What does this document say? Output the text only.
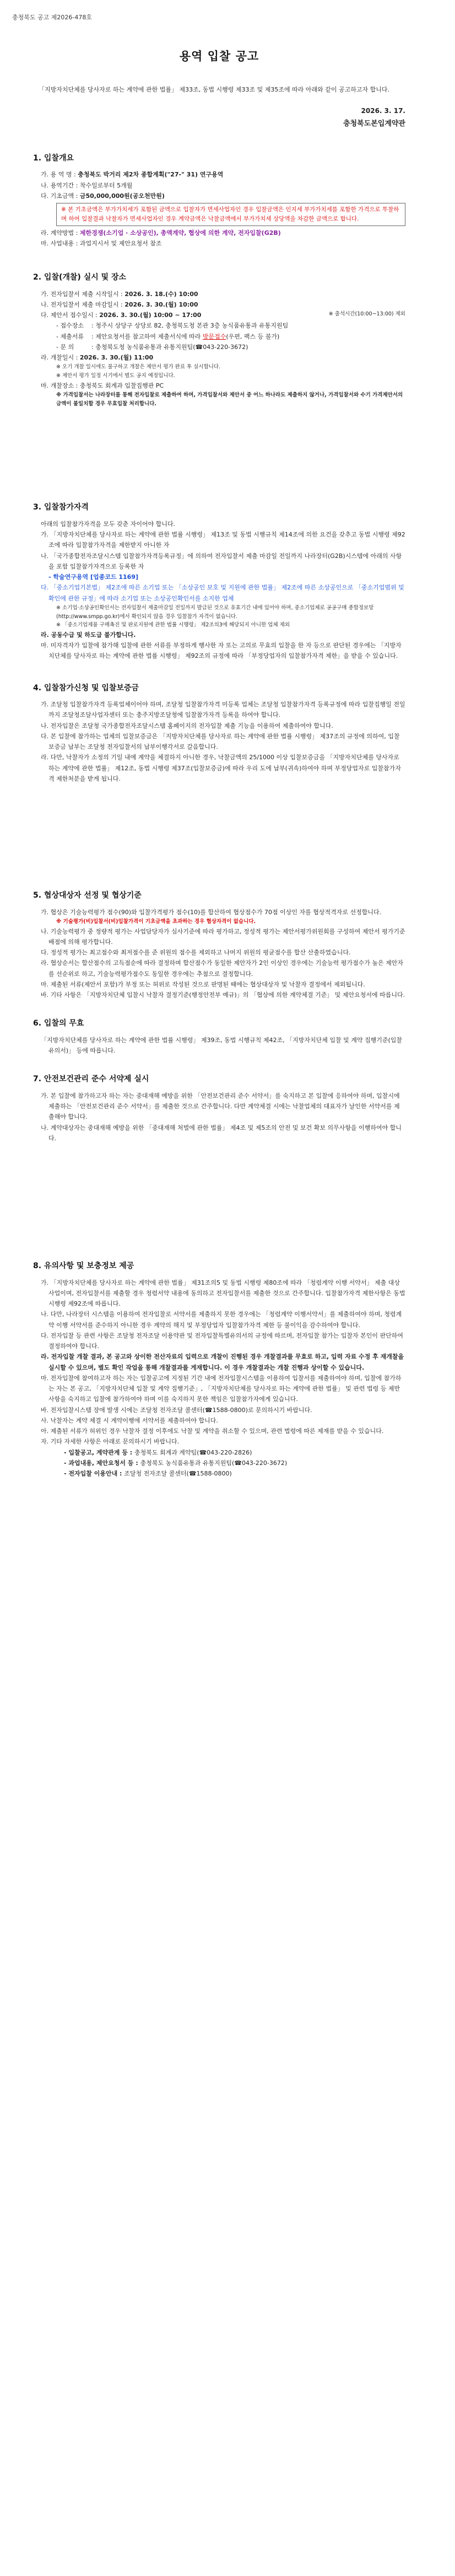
충청북도 공고 제2026-478호
용역 입찰 공고

「지방자치단체를 당사자로 하는 계약에 관한 법률」 제33조, 동법 시행령 제33조 및 제35조에 따라 아래와 같이 공고하고자 합니다.

2026. 3. 17.
충청북도본입계약관
1. 입찰개요
가. 용 역 명 : 충청북도 박거리 제2차 종합계획("27-" 31) 연구용역
나. 용역기간 : 착수일로부터 5개월
다. 기초금액 : 금50,000,000원(공오천만원)
※ 본 기초금액은 부가가치세가 포함된 금액으로 입찰자가 면세사업자인 경우 입찰금액은 인지세 부가가치세를 포함한 가격으로 투찰하며 하여 입찰결과 낙찰자가 면세사업자인 경우 계약금액은 낙찰금액에서 부가가치세 상당액을 차감한 금액으로 합니다.
라. 계약방법 : 제한경쟁(소기업 · 소상공인), 총액계약, 협상에 의한 계약, 전자입찰(G2B)
마. 사업내용 : 과업지시서 및 제안요청서 참조
2. 입찰(개찰) 실시 및 장소
가. 전자입찰서 제출 시작일시 : 2026. 3. 18.(수) 10:00
나. 전자입찰서 제출 마감일시 : 2026. 3. 30.(월) 10:00
다. 제안서 접수일시 : 2026. 3. 30.(월) 10:00 ~ 17:00	※ 출석시간(10:00~13:00) 제외
- 접수장소	: 청주시 상당구 상당로 82, 충청북도청 본관 3층 농식품유통과 유통지원팀
- 제출서류	: 제안요청서를 참고하여 제출서식에 따라 방문접수(우편, 팩스 등 불가)
- 문 의	: 충청북도청 농식품유통과 유통지원팀(☎043-220-3672)
라. 개찰일시 : 2026. 3. 30.(월) 11:00
※ 오기 개찰 일시에도 불구하고 개찰은 제안서 평가 완료 후 실시합니다.
※ 제안서 평가 일정 시기에서 별도 공지 예정입니다.
마. 개찰장소 : 충청북도 회계과 입찰집행관 PC
※ 가격입찰서는 나라장터를 통해 전자입찰로 제출하여 하며, 가격입찰서와 제안서 중 어느 하나라도 제출하지 않거나, 가격입찰서와 수기 가격제안서의 금액이 불일치할 경우 무효입찰 처리합니다.
3. 입찰참가자격
아래의 입찰참가자격을 모두 갖춘 자이어야 합니다.
가. 「지방자치단체를 당사자로 하는 계약에 관한 법률 시행령」 제13조 및 동법 시행규칙 제14조에 의한 요건을 갖추고 동법 시행령 제92조에 따라 입찰참가자격을 제한받지 아니한 자
나. 「국가종합전자조달시스템 입찰참가자격등록규정」에 의하여 전자입찰서 제출 마감일 전일까지 나라장터(G2B)시스템에 아래의 사항을 포함 입찰참가자격으로 등록한 자
- 학술연구용역 [업종코드 1169]
다. 「중소기업기본법」 제2조에 따른 소기업 또는 「소상공인 보호 및 지원에 관한 법률」 제2조에 따른 소상공인으로 「중소기업범위 및 확인에 관한 규정」에 따라 소기업 또는 소상공인확인서를 소지한 업체
※ 소기업·소상공인확인서는 전자입찰서 제출마감일 전일까지 발급된 것으로 유효기간 내에 있어야 하며, 중소기업체로 공공구매 종합정보망(http://www.smpp.go.kr)에서 확인되지 않을 경우 입찰참가 자격이 없습니다.
※ 「중소기업제품 구매촉진 및 판로지원에 관한 법률 시행령」 제2조의3에 해당되지 아니한 업체 제외
라. 공동수급 및 하도급 불가합니다.
마. 미자격자가 입찰에 참가해 입찰에 관한 서류를 부정하게 행사한 자 또는 고의로 무효의 입찰을 한 자 등으로 판단된 경우에는 「지방자치단체를 당사자로 하는 계약에 관한 법률 시행령」 제92조의 규정에 따라 「부정당업자의 입찰참가자격 제한」을 받을 수 있습니다.
4. 입찰참가신청 및 입찰보증금
가. 조달청 입찰참가자격 등록업체이어야 하며, 조달청 입찰참가자격 미등록 업체는 조달청 입찰참가자격 등록규정에 따라 입찰집행일 전일까지 조달청조달사업자센터 또는 충주지방조달청에 입찰참가자격 등록을 하여야 합니다.
나. 전자입찰은 조달청 국가종합전자조달시스템 홈페이지의 전자입찰 제출 기능을 이용하여 제출하여야 합니다.
다. 본 입찰에 참가하는 업체의 입찰보증금은 「지방자치단체를 당사자로 하는 계약에 관한 법률 시행령」 제37조의 규정에 의하여, 입찰보증금 납부는 조달청 전자입찰서의 납부이행각서로 갈음합니다.
라. 다만, 낙찰자가 소정의 기일 내에 계약을 체결하지 아니한 경우, 낙찰금액의 25/1000 이상 입찰보증금을 「지방자치단체를 당사자로 하는 계약에 관한 법률」 제12조, 동법 시행령 제37조(입찰보증금)에 따라 우리 도에 납부(귀속)하여야 하며 부정당업자로 입찰참가자격 제한처분을 받게 됩니다.
5. 협상대상자 선정 및 협상기준
가. 협상은 기술능력평가 점수(90)와 입찰가격평가 점수(10)를 합산하여 협상점수가 70점 이상인 자를 협상적격자로 선정합니다.
※ 기술평가(비)입찰서(비)입찰가격이 기초금액을 초과하는 경우 협상자격이 없습니다.
나. 기술능력평가 중 정량적 평가는 사업담당자가 심사기준에 따라 평가하고, 정성적 평가는 제안서평가위원회를 구성하여 제안서 평가기준 배점에 의해 평가합니다.
다. 정성적 평가는 최고점수와 최저점수를 준 위원의 점수를 제외하고 나머지 위원의 평균점수를 합산 산출하였습니다.
라. 협상순서는 합산점수의 고득점순에 따라 결정하며 합산점수가 동일한 제안자가 2인 이상인 경우에는 기술능력 평가점수가 높은 제안자를 선순위로 하고, 기술능력평가점수도 동일한 경우에는 추첨으로 결정합니다.
마. 제출된 서류(제안서 포함)가 부정 또는 허위로 작성된 것으로 판명된 때에는 협상대상자 및 낙찰자 결정에서 제외됩니다.
바. 기타 사항은 「지방자치단체 입찰시 낙찰자 결정기준(행정안전부 예규)」의 「협상에 의한 계약체결 기준」 및 제안요청서에 따릅니다.
6. 입찰의 무효
「지방자치단체를 당사자로 하는 계약에 관한 법률 시행령」 제39조, 동법 시행규칙 제42조, 「지방자치단체 입찰 및 계약 집행기준(입찰유의서)」 등에 따릅니다.
7. 안전보건관리 준수 서약제 실시
가. 본 입찰에 참가하고자 하는 자는 중대재해 예방을 위한 「안전보건관리 준수 서약서」를 숙지하고 본 입찰에 응하여야 하며, 입찰시에 제출하는 「안전보건관리 준수 서약서」를 제출한 것으로 간주합니다. 다만 계약체결 시에는 낙찰업체의 대표자가 날인한 서약서를 제출해야 합니다.
나. 계약대상자는 중대재해 예방을 위한 「중대재해 처벌에 관한 법률」 제4조 및 제5조의 안전 및 보건 확보 의무사항을 이행하여야 합니다.
8. 유의사항 및 보충정보 제공
가. 「지방자치단체를 당사자로 하는 계약에 관한 법률」 제31조의5 및 동법 시행령 제80조에 따라 「청렴계약 이행 서약서」 제출 대상 사업이며, 전자입찰서를 제출할 경우 청렴서약 내용에 동의하고 전자입찰서를 제출한 것으로 간주합니다. 입찰참가자격 제한사항은 동법 시행령 제92조에 따릅니다.
나. 다만, 나라장터 시스템을 이용하여 전자입찰로 서약서를 제출하지 못한 경우에는 「청렴계약 이행서약서」를 제출하여야 하며, 청렴계약 이행 서약서를 준수하지 아니한 경우 계약의 해지 및 부정당업자 입찰참가자격 제한 등 불이익을 감수하여야 합니다.
다. 전자입찰 등 관련 사항은 조달청 전자조달 이용약관 및 전자입찰특별유의서의 규정에 따르며, 전자입찰 참가는 입찰자 본인이 판단하여 결정하여야 합니다.
라. 전자입찰 개찰 결과, 본 공고와 상이한 전산자료의 입력으로 개찰이 진행된 경우 개찰결과를 무효로 하고, 입력 자료 수정 후 재개찰을 실시할 수 있으며, 별도 확인 작업을 통해 개찰결과를 게재합니다. 이 경우 개찰결과는 개찰 진행과 상이할 수 있습니다.
마. 전자입찰에 참여하고자 하는 자는 입찰공고에 지정된 기간 내에 전자입찰시스템을 이용하여 입찰서를 제출하여야 하며, 입찰에 참가하는 자는 본 공고, 「지방자치단체 입찰 및 계약 집행기준」, 「지방자치단체를 당사자로 하는 계약에 관한 법률」 및 관련 법령 등 제반 사항을 숙지하고 입찰에 참가하여야 하며 이를 숙지하지 못한 책임은 입찰참가자에게 있습니다.
바. 전자입찰시스템 장애 발생 시에는 조달청 전자조달 콜센터(☎1588-0800)로 문의하시기 바랍니다.
사. 낙찰자는 계약 체결 시 계약이행에 서약서를 제출하여야 합니다.
아. 제출된 서류가 허위인 경우 낙찰자 결정 이후에도 낙찰 및 계약을 취소할 수 있으며, 관련 법령에 따른 제재를 받을 수 있습니다.
자. 기타 자세한 사항은 아래로 문의하시기 바랍니다.
- 입찰공고, 계약관계 등 : 충청북도 회계과 계약팀(☎043-220-2826)
- 과업내용, 제안요청서 등 : 충청북도 농식품유통과 유통지원팀(☎043-220-3672)
- 전자입찰 이용안내 : 조달청 전자조달 콜센터(☎1588-0800)
